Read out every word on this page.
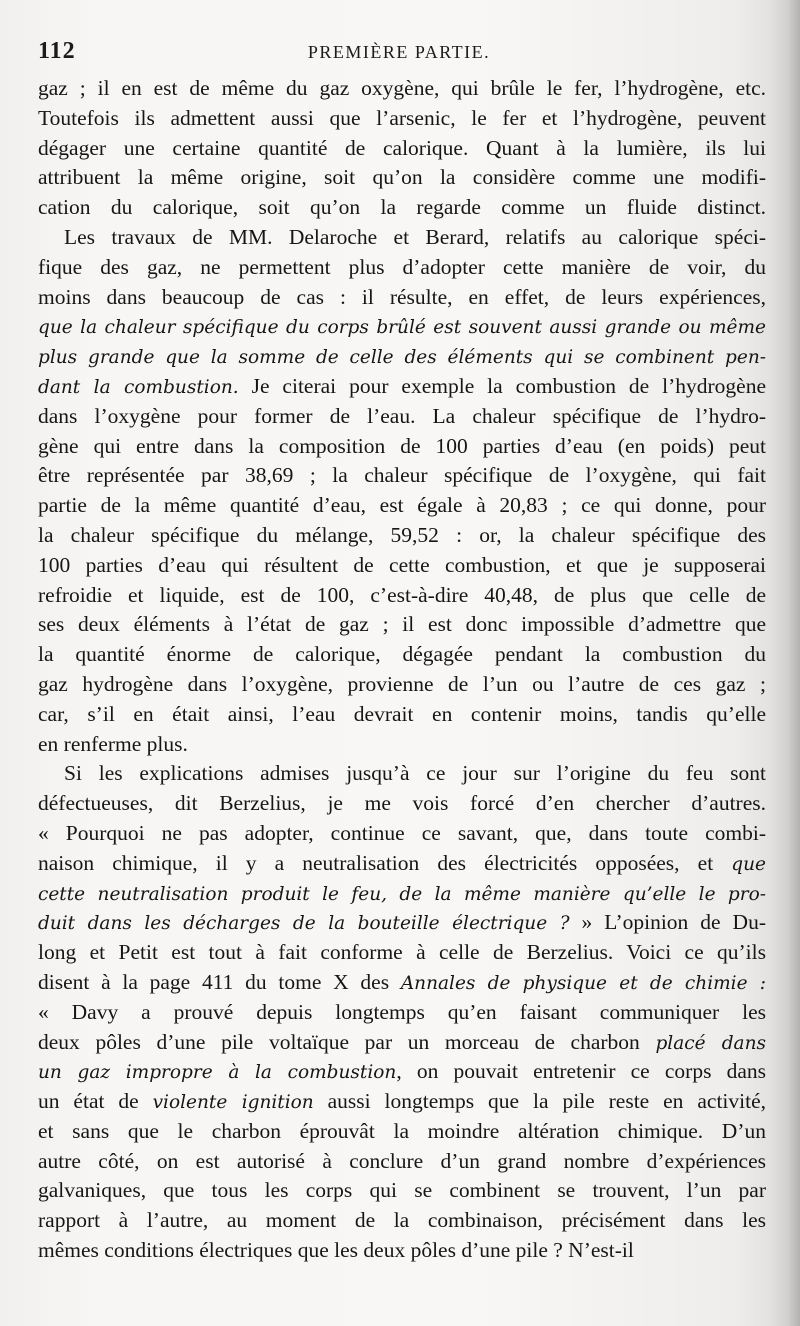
112	PREMIÈRE PARTIE.
gaz ; il en est de même du gaz oxygène, qui brûle le fer, l’hydrogène, etc.
Toutefois ils admettent aussi que l’arsenic, le fer et l’hydrogène, peuvent
dégager une certaine quantité de calorique. Quant à la lumière, ils lui
attribuent la même origine, soit qu’on la considère comme une modifi-
cation du calorique, soit qu’on la regarde comme un fluide distinct.
Les travaux de MM. Delaroche et Berard, relatifs au calorique spéci-
fique des gaz, ne permettent plus d’adopter cette manière de voir, du
moins dans beaucoup de cas : il résulte, en effet, de leurs expériences,
que la chaleur spécifique du corps brûlé est souvent aussi grande ou même
plus grande que la somme de celle des éléments qui se combinent pen-
dant la combustion. Je citerai pour exemple la combustion de l’hydrogène
dans l’oxygène pour former de l’eau. La chaleur spécifique de l’hydro-
gène qui entre dans la composition de 100 parties d’eau (en poids) peut
être représentée par 38,69 ; la chaleur spécifique de l’oxygène, qui fait
partie de la même quantité d’eau, est égale à 20,83 ; ce qui donne, pour
la chaleur spécifique du mélange, 59,52 : or, la chaleur spécifique des
100 parties d’eau qui résultent de cette combustion, et que je supposerai
refroidie et liquide, est de 100, c’est-à-dire 40,48, de plus que celle de
ses deux éléments à l’état de gaz ; il est donc impossible d’admettre que
la quantité énorme de calorique, dégagée pendant la combustion du
gaz hydrogène dans l’oxygène, provienne de l’un ou l’autre de ces gaz ;
car, s’il en était ainsi, l’eau devrait en contenir moins, tandis qu’elle
en renferme plus.
Si les explications admises jusqu’à ce jour sur l’origine du feu sont
défectueuses, dit Berzelius, je me vois forcé d’en chercher d’autres.
« Pourquoi ne pas adopter, continue ce savant, que, dans toute combi-
naison chimique, il y a neutralisation des électricités opposées, et que
cette neutralisation produit le feu, de la même manière qu’elle le pro-
duit dans les décharges de la bouteille électrique ? » L’opinion de Du-
long et Petit est tout à fait conforme à celle de Berzelius. Voici ce qu’ils
disent à la page 411 du tome X des Annales de physique et de chimie :
« Davy a prouvé depuis longtemps qu’en faisant communiquer les
deux pôles d’une pile voltaïque par un morceau de charbon placé dans
un gaz impropre à la combustion, on pouvait entretenir ce corps dans
un état de violente ignition aussi longtemps que la pile reste en activité,
et sans que le charbon éprouvât la moindre altération chimique. D’un
autre côté, on est autorisé à conclure d’un grand nombre d’expériences
galvaniques, que tous les corps qui se combinent se trouvent, l’un par
rapport à l’autre, au moment de la combinaison, précisément dans les
mêmes conditions électriques que les deux pôles d’une pile ? N’est-il
